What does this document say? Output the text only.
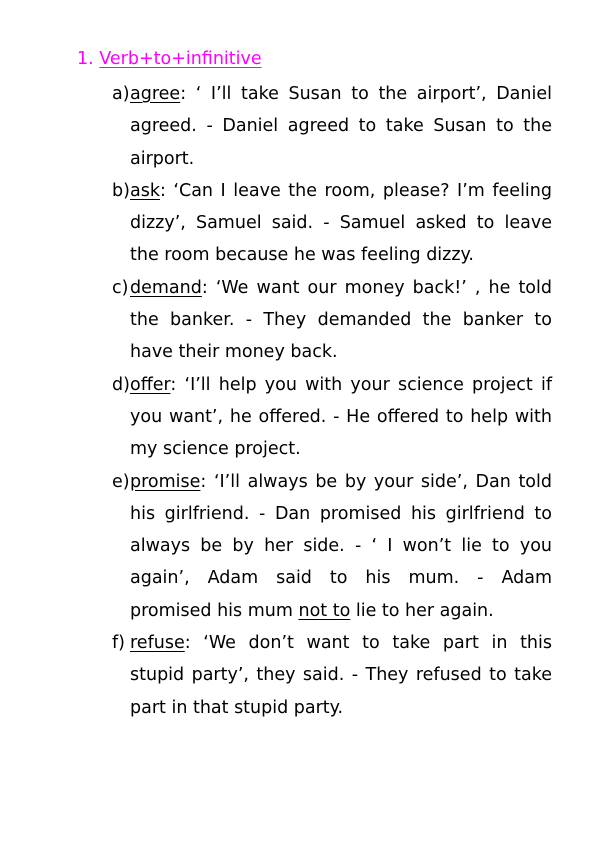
1. Verb+to+infinitive
a) agree: ‘ I’ll take Susan to the airport’, Daniel agreed. - Daniel agreed to take Susan to the airport.
b) ask: ‘Can I leave the room, please? I’m feeling dizzy’, Samuel said. - Samuel asked to leave the room because he was feeling dizzy.
c) demand: ‘We want our money back!’ , he told the banker. - They demanded the banker to have their money back.
d) offer: ‘I’ll help you with your science project if you want’, he offered. - He offered to help with my science project.
e) promise: ‘I’ll always be by your side’, Dan told his girlfriend. - Dan promised his girlfriend to always be by her side. - ‘ I won’t lie to you again’, Adam said to his mum. - Adam promised his mum not to lie to her again.
f) refuse: ‘We don’t want to take part in this stupid party’, they said. - They refused to take part in that stupid party.
